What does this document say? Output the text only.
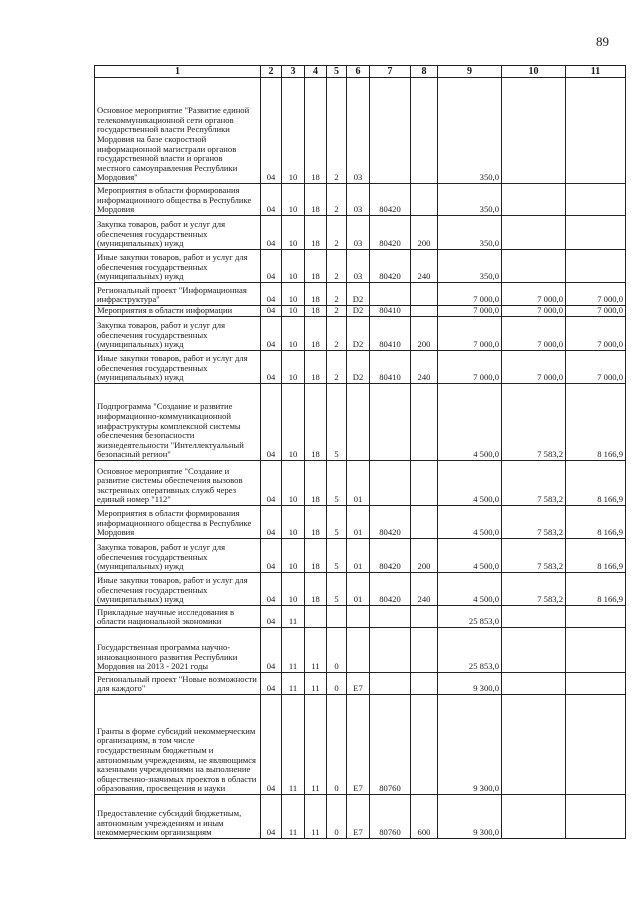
89
1	2	3	4	5	6	7	8	9	10	11
Основное мероприятие "Развитие единой телекоммуникационной сети органов государственной власти Республики Мордовия на базе скоростной информационной магистрали органов государственной власти и органов местного самоуправления Республики Мордовия"	04	10	18	2	03			350,0		
Мероприятия в области формирования информационного общества в Республике Мордовия	04	10	18	2	03	80420		350,0		
Закупка товаров, работ и услуг для обеспечения государственных (муниципальных) нужд	04	10	18	2	03	80420	200	350,0		
Иные закупки товаров, работ и услуг для обеспечения государственных (муниципальных) нужд	04	10	18	2	03	80420	240	350,0		
Региональный проект "Информационная инфраструктура"	04	10	18	2	D2			7 000,0	7 000,0	7 000,0
Мероприятия в области информации	04	10	18	2	D2	80410		7 000,0	7 000,0	7 000,0
Закупка товаров, работ и услуг для обеспечения государственных (муниципальных) нужд	04	10	18	2	D2	80410	200	7 000,0	7 000,0	7 000,0
Иные закупки товаров, работ и услуг для обеспечения государственных (муниципальных) нужд	04	10	18	2	D2	80410	240	7 000,0	7 000,0	7 000,0
Подпрограмма "Создание и развитие информационно-коммуникационной инфраструктуры комплексной системы обеспечения безопасности жизнедеятельности "Интеллектуальный безопасный регион"	04	10	18	5				4 500,0	7 583,2	8 166,9
Основное мероприятие "Создание и развитие системы обеспечения вызовов экстренных оперативных служб через единый номер "112"	04	10	18	5	01			4 500,0	7 583,2	8 166,9
Мероприятия в области формирования информационного общества в Республике Мордовия	04	10	18	5	01	80420		4 500,0	7 583,2	8 166,9
Закупка товаров, работ и услуг для обеспечения государственных (муниципальных) нужд	04	10	18	5	01	80420	200	4 500,0	7 583,2	8 166,9
Иные закупки товаров, работ и услуг для обеспечения государственных (муниципальных) нужд	04	10	18	5	01	80420	240	4 500,0	7 583,2	8 166,9
Прикладные научные исследования в области национальной экономики	04	11						25 853,0		
Государственная программа научно-инновационного развития Республики Мордовия на 2013 - 2021 годы	04	11	11	0				25 853,0		
Региональный проект "Новые возможности для каждого"	04	11	11	0	E7			9 300,0		
Гранты в форме субсидий некоммерческим организациям, в том числе государственным бюджетным и автономным учреждениям, не являющимся казенными учреждениями на выполнение общественно-значимых проектов в области образования, просвещения и науки	04	11	11	0	E7	80760		9 300,0		
Предоставление субсидий бюджетным, автономным учреждениям и иным некоммерческим организациям	04	11	11	0	E7	80760	600	9 300,0		
